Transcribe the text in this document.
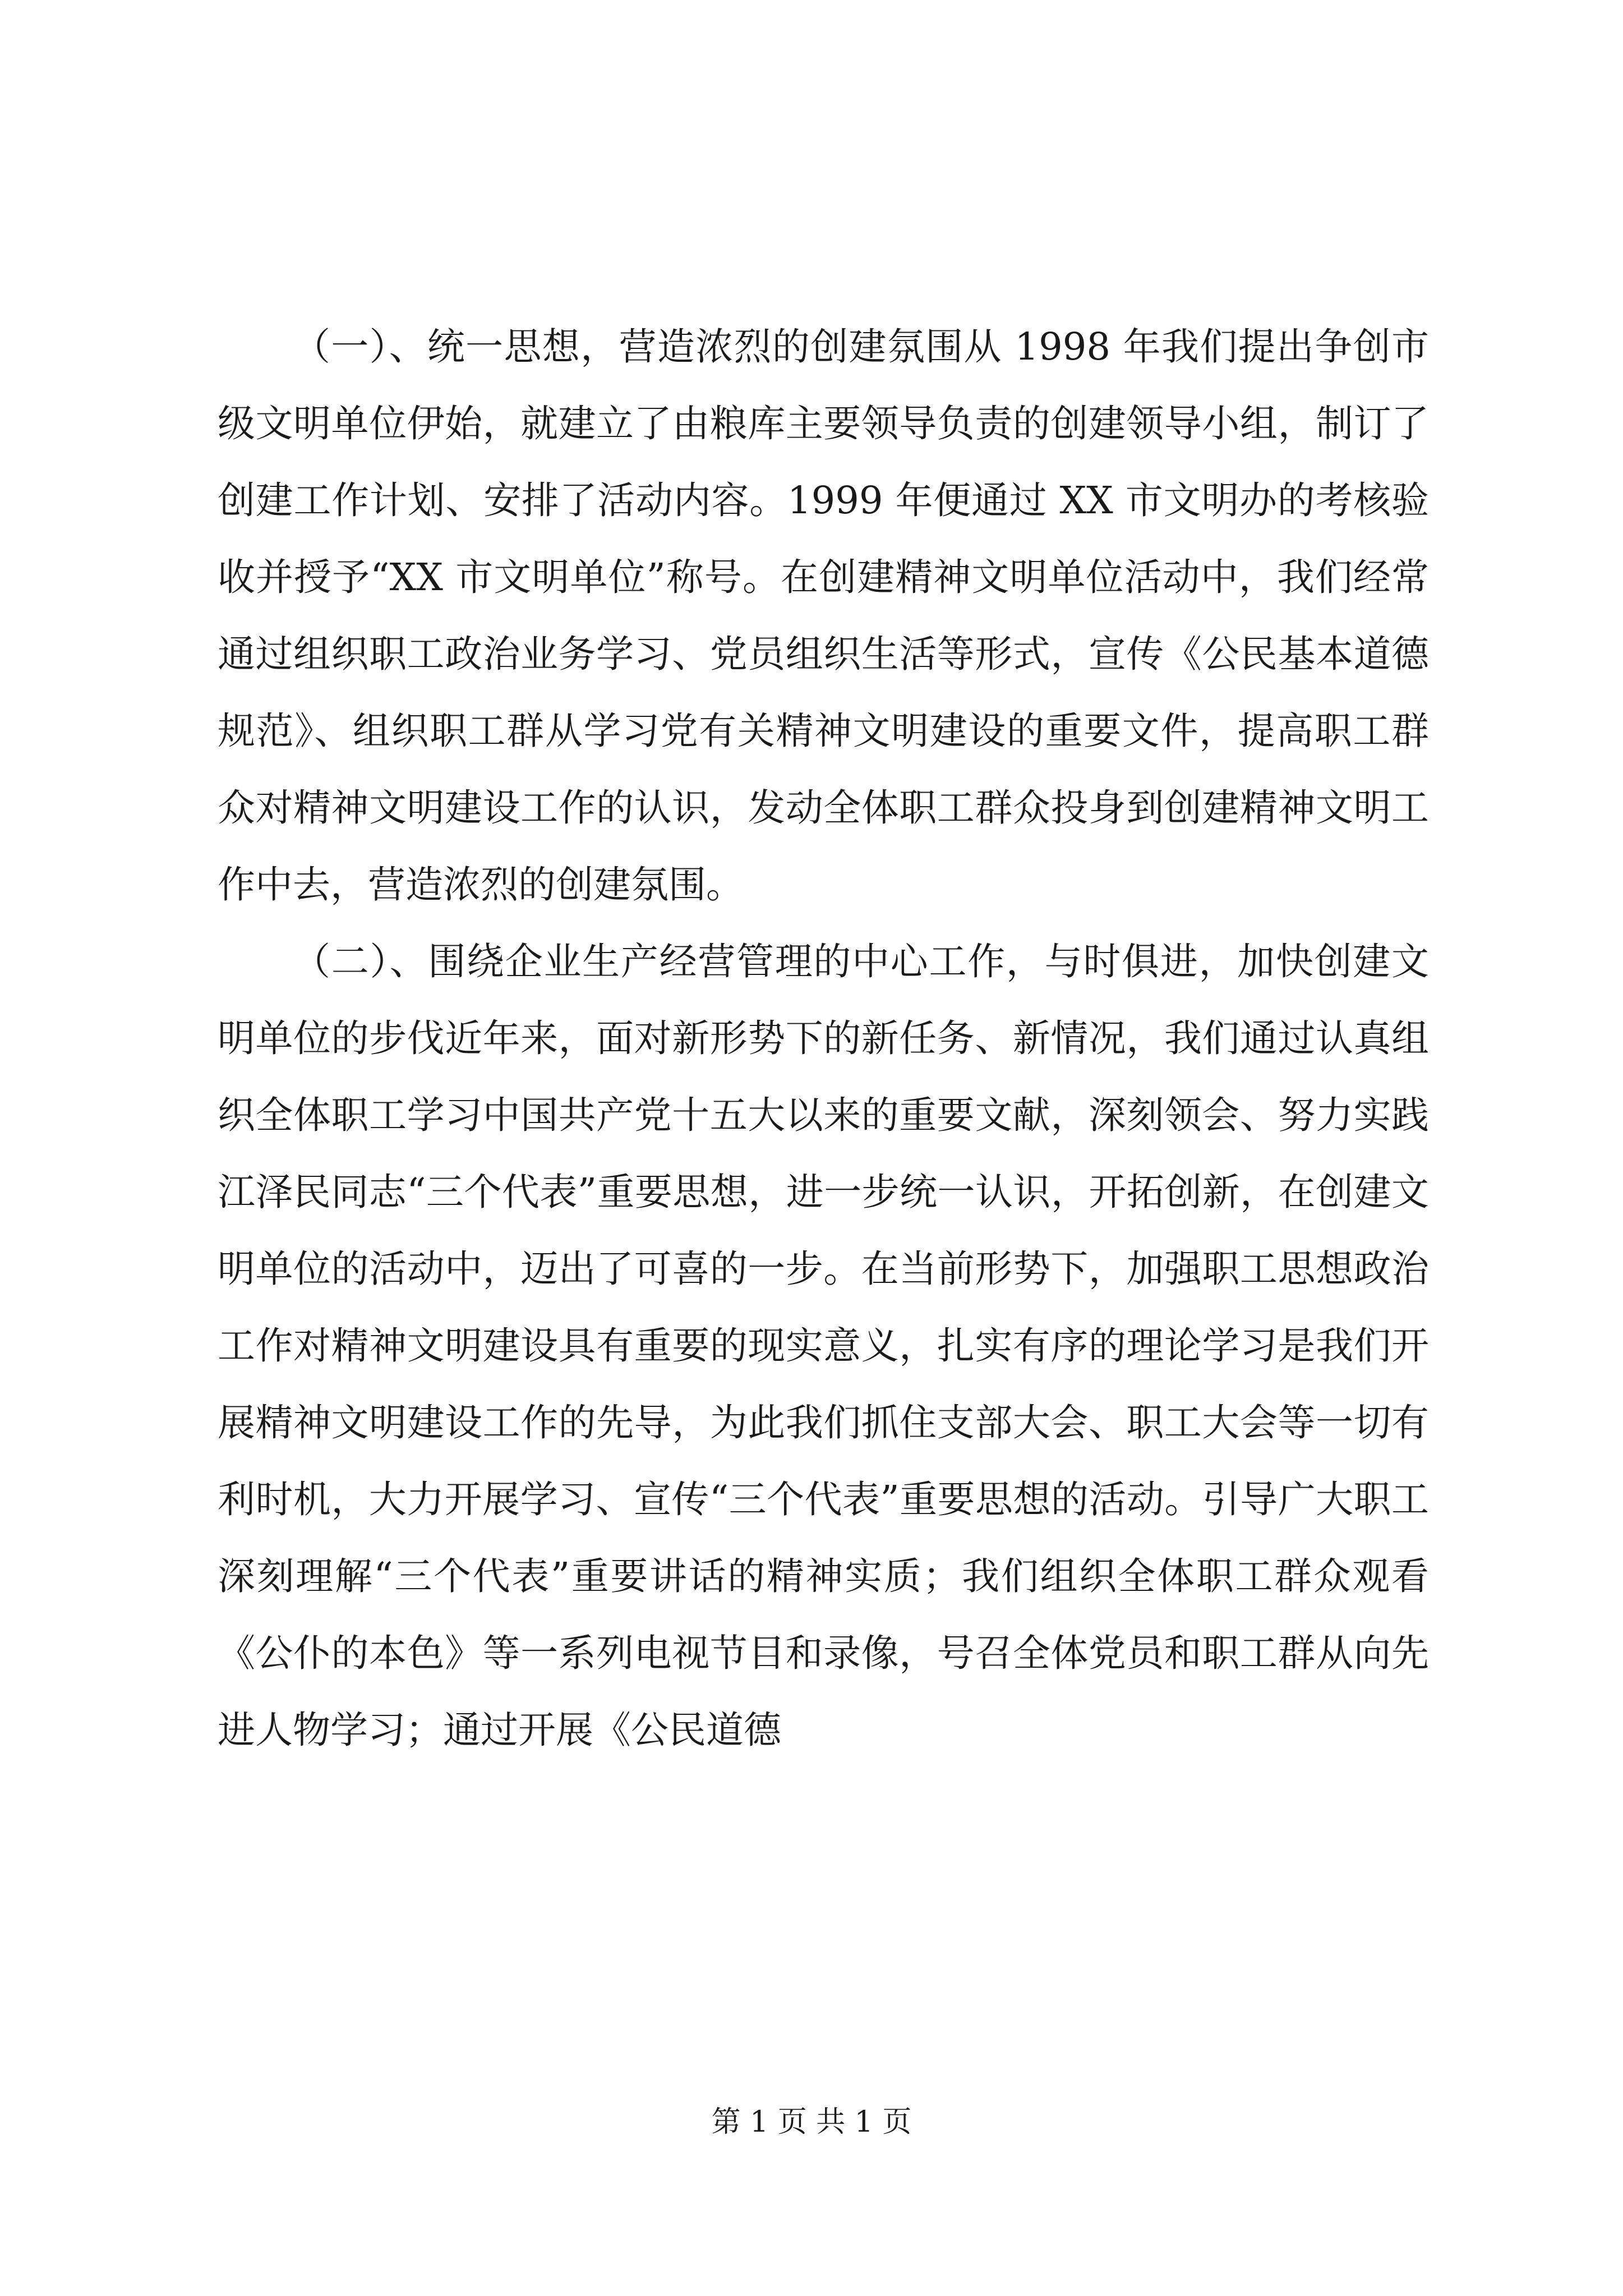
（一）、统一思想，营造浓烈的创建氛围从 1998 年我们提出争创市级文明单位伊始，就建立了由粮库主要领导负责的创建领导小组，制订了创建工作计划、安排了活动内容。1999 年便通过 XX 市文明办的考核验收并授予“XX 市文明单位”称号。在创建精神文明单位活动中，我们经常通过组织职工政治业务学习、党员组织生活等形式，宣传《公民基本道德规范》、组织职工群从学习党有关精神文明建设的重要文件，提高职工群众对精神文明建设工作的认识，发动全体职工群众投身到创建精神文明工作中去，营造浓烈的创建氛围。

（二）、围绕企业生产经营管理的中心工作，与时俱进，加快创建文明单位的步伐近年来，面对新形势下的新任务、新情况，我们通过认真组织全体职工学习中国共产党十五大以来的重要文献，深刻领会、努力实践江泽民同志“三个代表”重要思想，进一步统一认识，开拓创新，在创建文明单位的活动中，迈出了可喜的一步。在当前形势下，加强职工思想政治工作对精神文明建设具有重要的现实意义，扎实有序的理论学习是我们开展精神文明建设工作的先导，为此我们抓住支部大会、职工大会等一切有利时机，大力开展学习、宣传“三个代表”重要思想的活动。引导广大职工深刻理解“三个代表”重要讲话的精神实质；我们组织全体职工群众观看《公仆的本色》等一系列电视节目和录像，号召全体党员和职工群从向先进人物学习；通过开展《公民道德

第 1 页 共 1 页
